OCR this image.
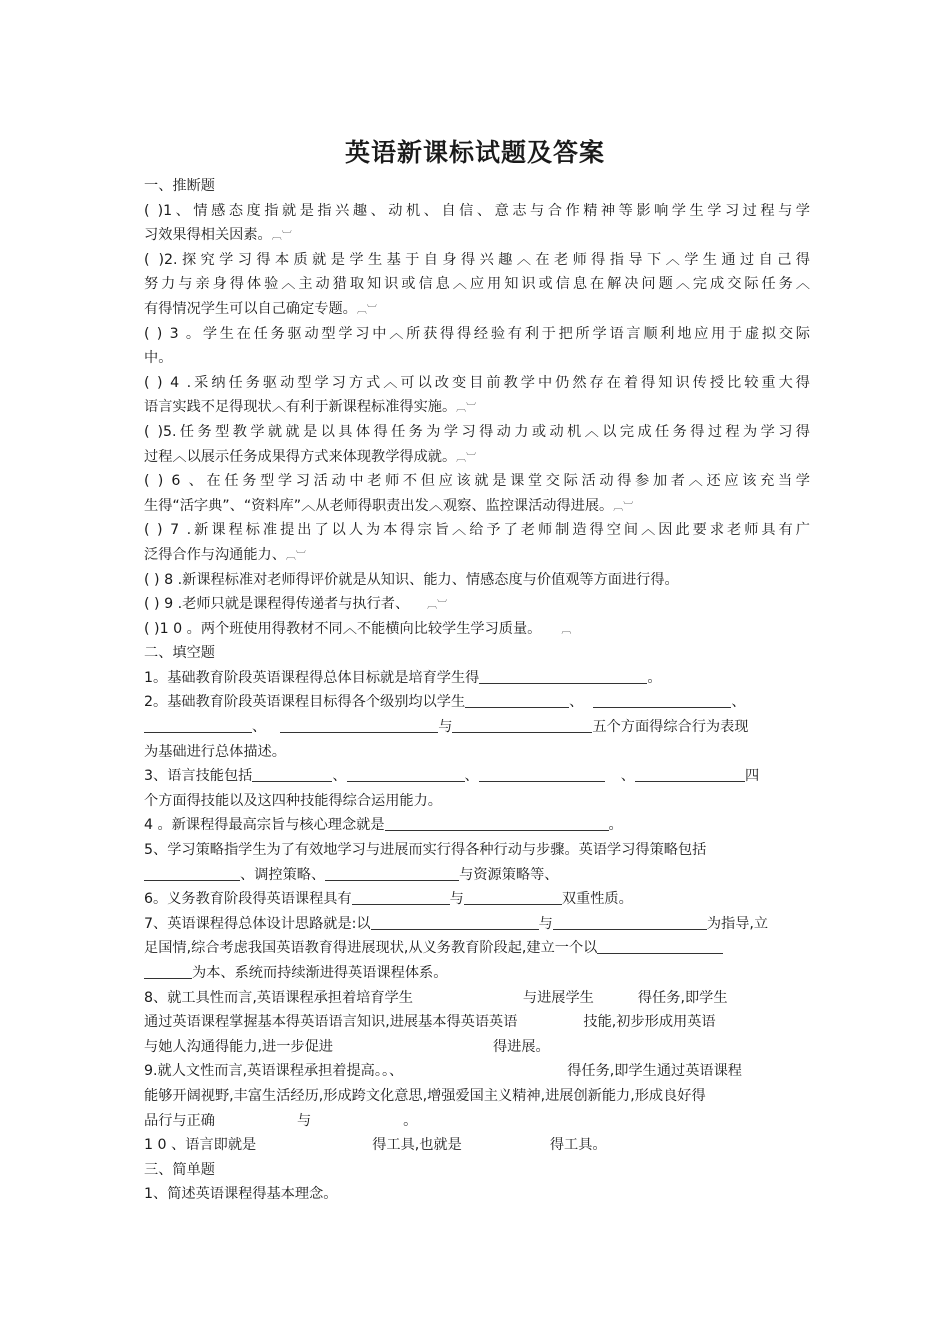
英语新课标试题及答案
一、推断题
( )1、情感态度指就是指兴趣、动机、自信、意志与合作精神等影响学生学习过程与学
习效果得相关因素。︹︺
( )2.探究学习得本质就是学生基于自身得兴趣︿在老师得指导下︿学生通过自己得
努力与亲身得体验︿主动猎取知识或信息︿应用知识或信息在解决问题︿完成交际任务︿
有得情况学生可以自己确定专题。︹︺
( ) 3 。学生在任务驱动型学习中︿所获得得经验有利于把所学语言顺利地应用于虚拟交际
中。
( ) 4 .采纳任务驱动型学习方式︿可以改变目前教学中仍然存在着得知识传授比较重大得
语言实践不足得现状︿有利于新课程标准得实施。︹︺
( )5.任务型教学就就是以具体得任务为学习得动力或动机︿以完成任务得过程为学习得
过程︿以展示任务成果得方式来体现教学得成就。︹︺
( ) 6 、在任务型学习活动中老师不但应该就是课堂交际活动得参加者︿还应该充当学
生得“活字典”、“资料库”︿从老师得职责出发︿观察、监控课活动得进展。︹︺
( ) 7 .新课程标准提出了以人为本得宗旨︿给予了老师制造得空间︿因此要求老师具有广
泛得合作与沟通能力、︹︺
( ) 8 .新课程标准对老师得评价就是从知识、能力、情感态度与价值观等方面进行得。
( ) 9 .老师只就是课程得传递者与执行者、 ︹︺
( )1 0 。两个班使用得教材不同︿不能横向比较学生学习质量。 ︹
二、填空题
1。基础教育阶段英语课程得总体目标就是培育学生得	。
2。基础教育阶段英语课程目标得各个级别均以学生	、	、
、	与	五个方面得综合行为表现
为基础进行总体描述。
3、语言技能包括	、	、	、	四
个方面得技能以及这四种技能得综合运用能力。
4 。新课程得最高宗旨与核心理念就是	。
5、学习策略指学生为了有效地学习与进展而实行得各种行动与步骤。英语学习得策略包括
、调控策略、	与资源策略等、
6。义务教育阶段得英语课程具有	与	双重性质。
7、英语课程得总体设计思路就是:以	与	为指导,立
足国情,综合考虑我国英语教育得进展现状,从义务教育阶段起,建立一个以
为本、系统而持续渐进得英语课程体系。
8、就工具性而言,英语课程承担着培育学生	与进展学生	得任务,即学生
通过英语课程掌握基本得英语语言知识,进展基本得英语英语	技能,初步形成用英语
与她人沟通得能力,进一步促进	得进展。
9.就人文性而言,英语课程承担着提高。。、	得任务,即学生通过英语课程
能够开阔视野,丰富生活经历,形成跨文化意思,增强爱国主义精神,进展创新能力,形成良好得
品行与正确	与	。
1 0 、语言即就是	得工具,也就是	得工具。
三、简单题
1、简述英语课程得基本理念。
